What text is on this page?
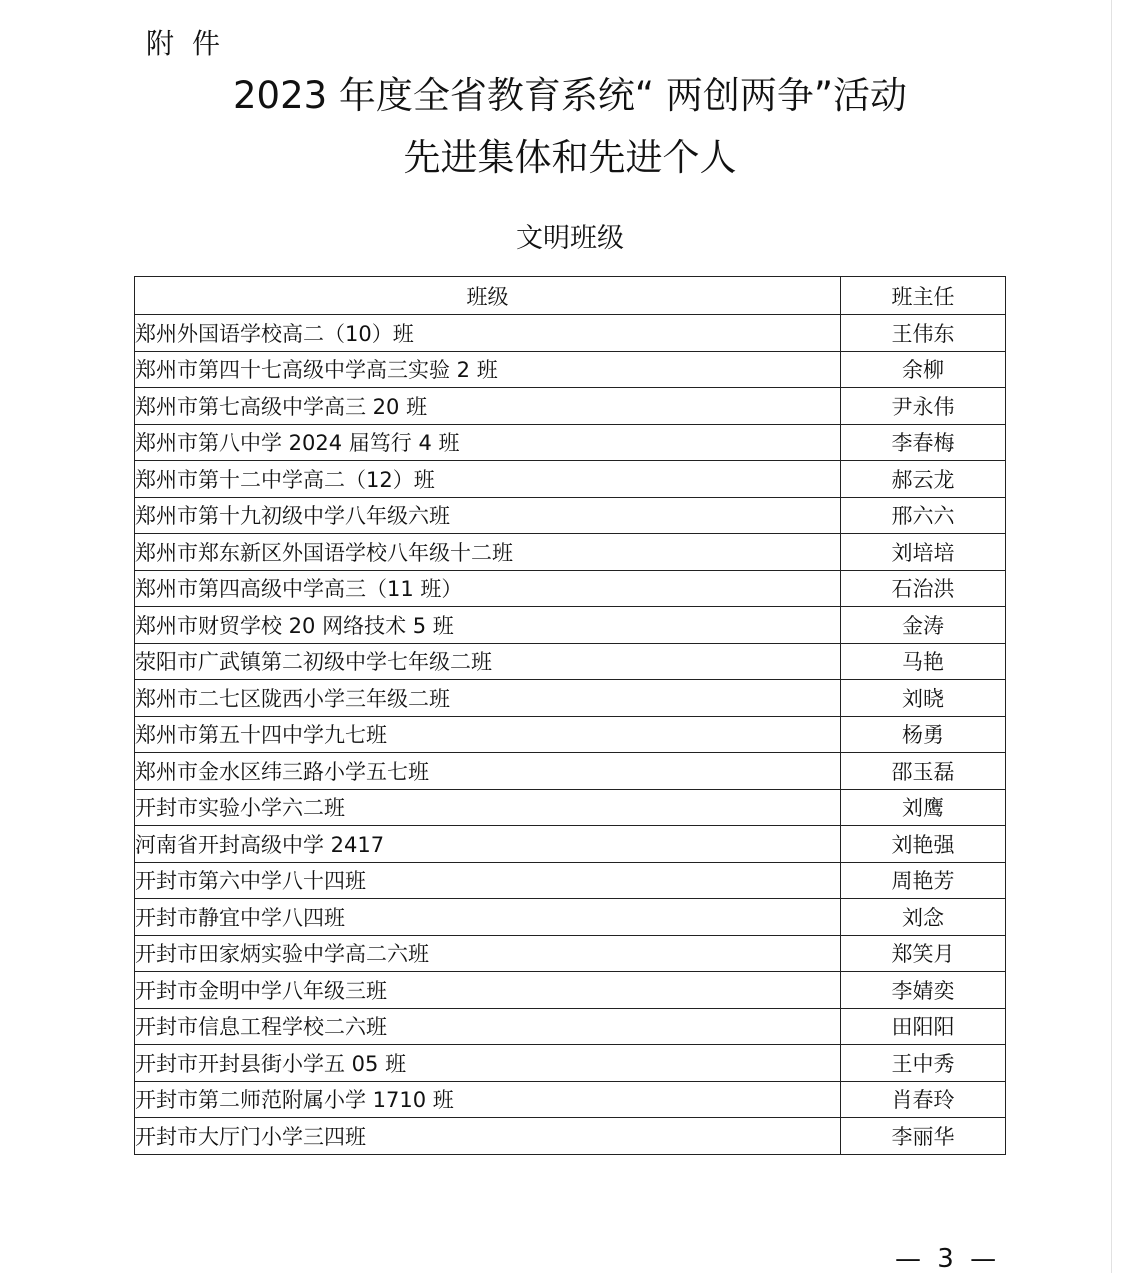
附件
2023 年度全省教育系统“ 两创两争”活动
先进集体和先进个人
文明班级
班级	班主任
郑州外国语学校高二（10）班	王伟东
郑州市第四十七高级中学高三实验 2 班	余柳
郑州市第七高级中学高三 20 班	尹永伟
郑州市第八中学 2024 届笃行 4 班	李春梅
郑州市第十二中学高二（12）班	郝云龙
郑州市第十九初级中学八年级六班	邢六六
郑州市郑东新区外国语学校八年级十二班	刘培培
郑州市第四高级中学高三（11 班）	石治洪
郑州市财贸学校 20 网络技术 5 班	金涛
荥阳市广武镇第二初级中学七年级二班	马艳
郑州市二七区陇西小学三年级二班	刘晓
郑州市第五十四中学九七班	杨勇
郑州市金水区纬三路小学五七班	邵玉磊
开封市实验小学六二班	刘鹰
河南省开封高级中学 2417	刘艳强
开封市第六中学八十四班	周艳芳
开封市静宜中学八四班	刘念
开封市田家炳实验中学高二六班	郑笑月
开封市金明中学八年级三班	李婧奕
开封市信息工程学校二六班	田阳阳
开封市开封县街小学五 05 班	王中秀
开封市第二师范附属小学 1710 班	肖春玲
开封市大厅门小学三四班	李丽华
— 3 —
